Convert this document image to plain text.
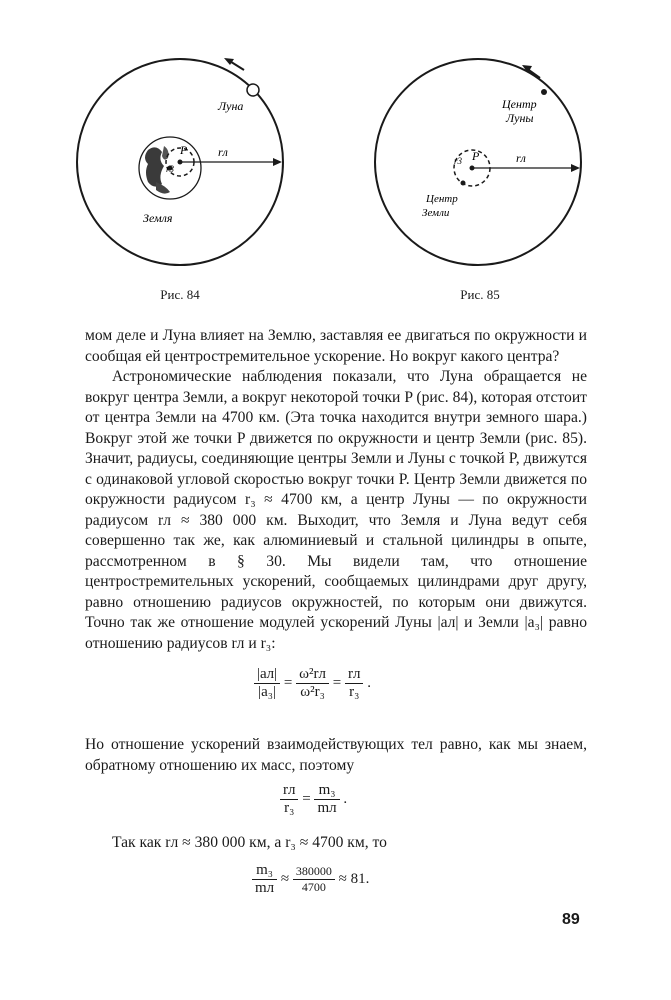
P	rл
r3
Луна
Земля
Рис. 84
P	rл
r3
Центр
Луны
Центр
Земли
Рис. 85

мом деле и Луна влияет на Землю, заставляя ее двигаться по окружности и сообщая ей центростремительное ускорение. Но вокруг какого центра?

Астрономические наблюдения показали, что Луна обращается не вокруг центра Земли, а вокруг некоторой точки P (рис. 84), которая отстоит от центра Земли на 4700 км. (Эта точка находится внутри земного шара.) Вокруг этой же точки P движется по окружности и центр Земли (рис. 85). Значит, радиусы, соединяющие центры Земли и Луны с точкой P, движутся с одинаковой угловой скоростью вокруг точки P. Центр Земли движется по окружности радиусом r₃ ≈ 4700 км, а центр Луны — по окружности радиусом rл ≈ 380 000 км. Выходит, что Земля и Луна ведут себя совершенно так же, как алюминиевый и стальной цилиндры в опыте, рассмотренном в § 30. Мы видели там, что отношение центростремительных ускорений, сообщаемых цилиндрами друг другу, равно отношению радиусов окружностей, по которым они движутся. Точно так же отношение модулей ускорений Луны |aл| и Земли |a₃| равно отношению радиусов rл и r₃:

$\frac{|aл|}{\text{|a₃|}} = \frac{\text{ω²rл}}{\text{ω²r₃}} = \frac{rл}{\text{r₃}}$ .

Но отношение ускорений взаимодействующих тел равно, как мы знаем, обратному отношению их масс, поэтому

$\frac{rл}{\text{r₃}} = \frac{\text{m₃}}{mл}$ .

Так как rл ≈ 380 000 км, а r₃ ≈ 4700 км, то

$\frac{\text{m₃}}{mл} \approx \frac{380000}{4700} \approx 81$.
89
